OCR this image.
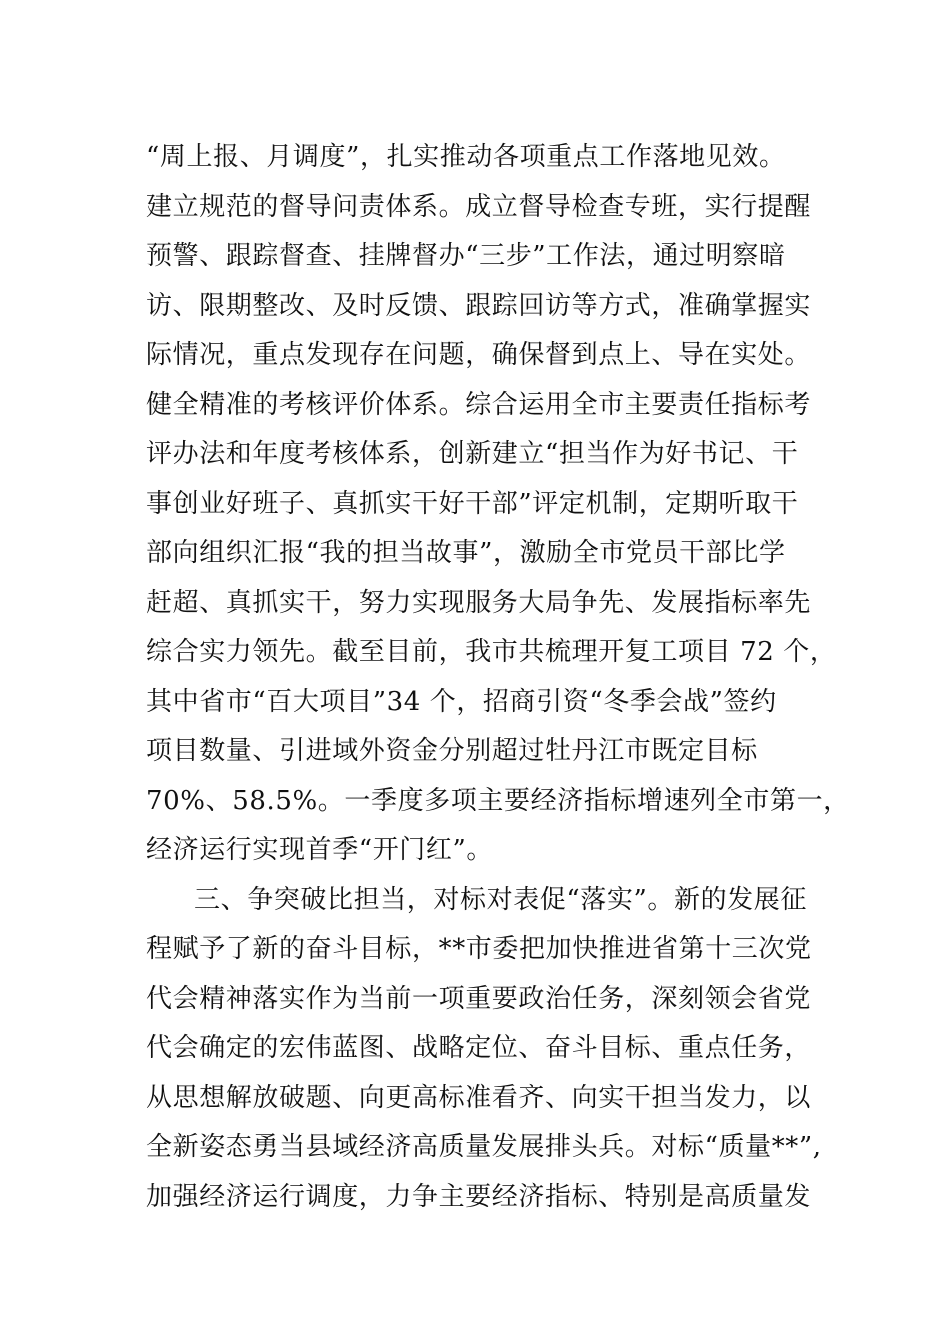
“周上报、月调度”，扎实推动各项重点工作落地见效。
建立规范的督导问责体系。成立督导检查专班，实行提醒
预警、跟踪督查、挂牌督办“三步”工作法，通过明察暗
访、限期整改、及时反馈、跟踪回访等方式，准确掌握实
际情况，重点发现存在问题，确保督到点上、导在实处。
健全精准的考核评价体系。综合运用全市主要责任指标考
评办法和年度考核体系，创新建立“担当作为好书记、干
事创业好班子、真抓实干好干部”评定机制，定期听取干
部向组织汇报“我的担当故事”，激励全市党员干部比学
赶超、真抓实干，努力实现服务大局争先、发展指标率先
综合实力领先。截至目前，我市共梳理开复工项目 72 个，
其中省市“百大项目”34 个，招商引资“冬季会战”签约
项目数量、引进域外资金分别超过牡丹江市既定目标
70%、58.5%。一季度多项主要经济指标增速列全市第一，
经济运行实现首季“开门红”。
三、争突破比担当，对标对表促“落实”。新的发展征
程赋予了新的奋斗目标，**市委把加快推进省第十三次党
代会精神落实作为当前一项重要政治任务，深刻领会省党
代会确定的宏伟蓝图、战略定位、奋斗目标、重点任务，
从思想解放破题、向更高标准看齐、向实干担当发力，以
全新姿态勇当县域经济高质量发展排头兵。对标“质量**”,
加强经济运行调度，力争主要经济指标、特别是高质量发
